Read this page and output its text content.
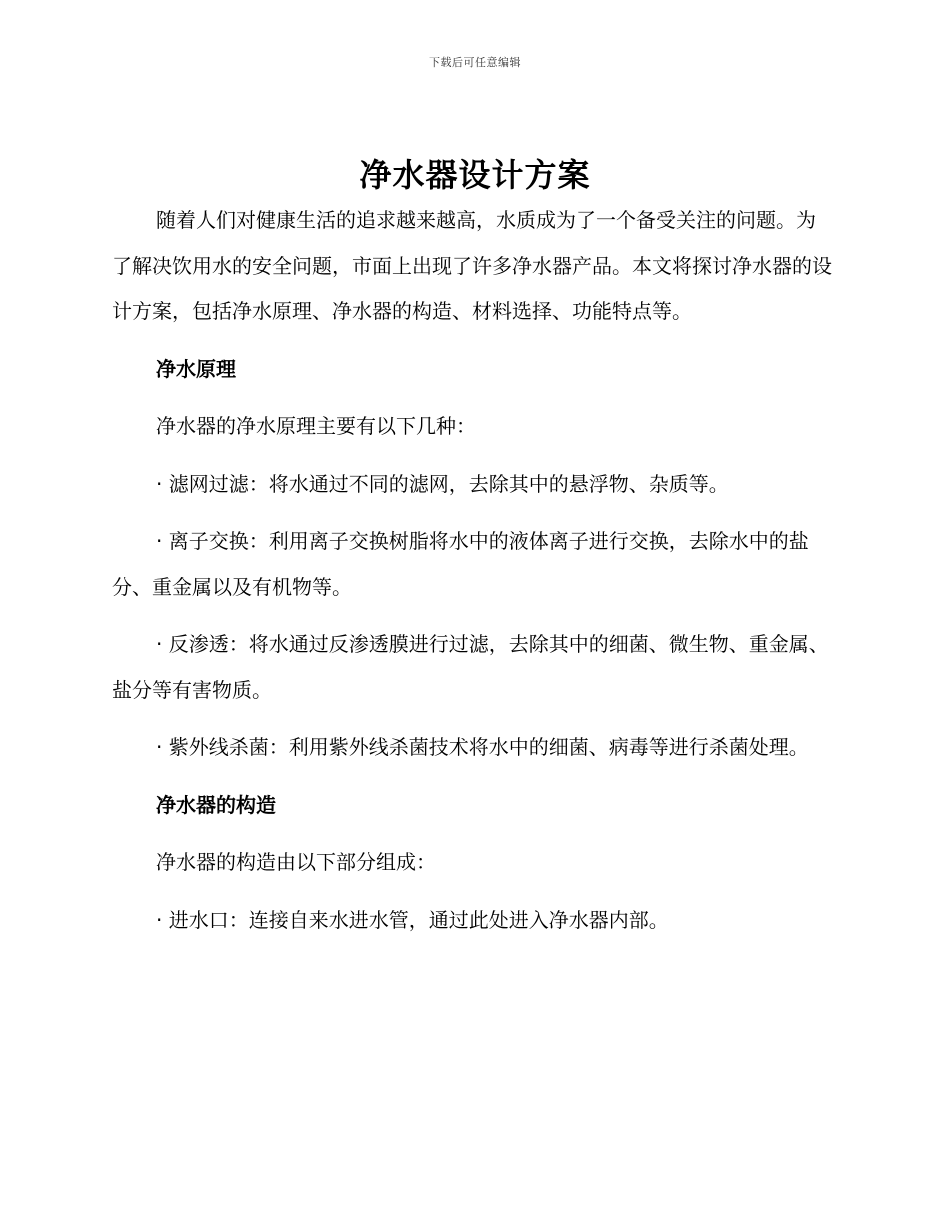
下载后可任意编辑
净水器设计方案

随着人们对健康生活的追求越来越高，水质成为了一个备受关注的问题。为了解决饮用水的安全问题，市面上出现了许多净水器产品。本文将探讨净水器的设计方案，包括净水原理、净水器的构造、材料选择、功能特点等。

净水原理

净水器的净水原理主要有以下几种：

· 滤网过滤：将水通过不同的滤网，去除其中的悬浮物、杂质等。

· 离子交换：利用离子交换树脂将水中的液体离子进行交换，去除水中的盐分、重金属以及有机物等。

· 反渗透：将水通过反渗透膜进行过滤，去除其中的细菌、微生物、重金属、盐分等有害物质。

· 紫外线杀菌：利用紫外线杀菌技术将水中的细菌、病毒等进行杀菌处理。

净水器的构造

净水器的构造由以下部分组成：

· 进水口：连接自来水进水管，通过此处进入净水器内部。
